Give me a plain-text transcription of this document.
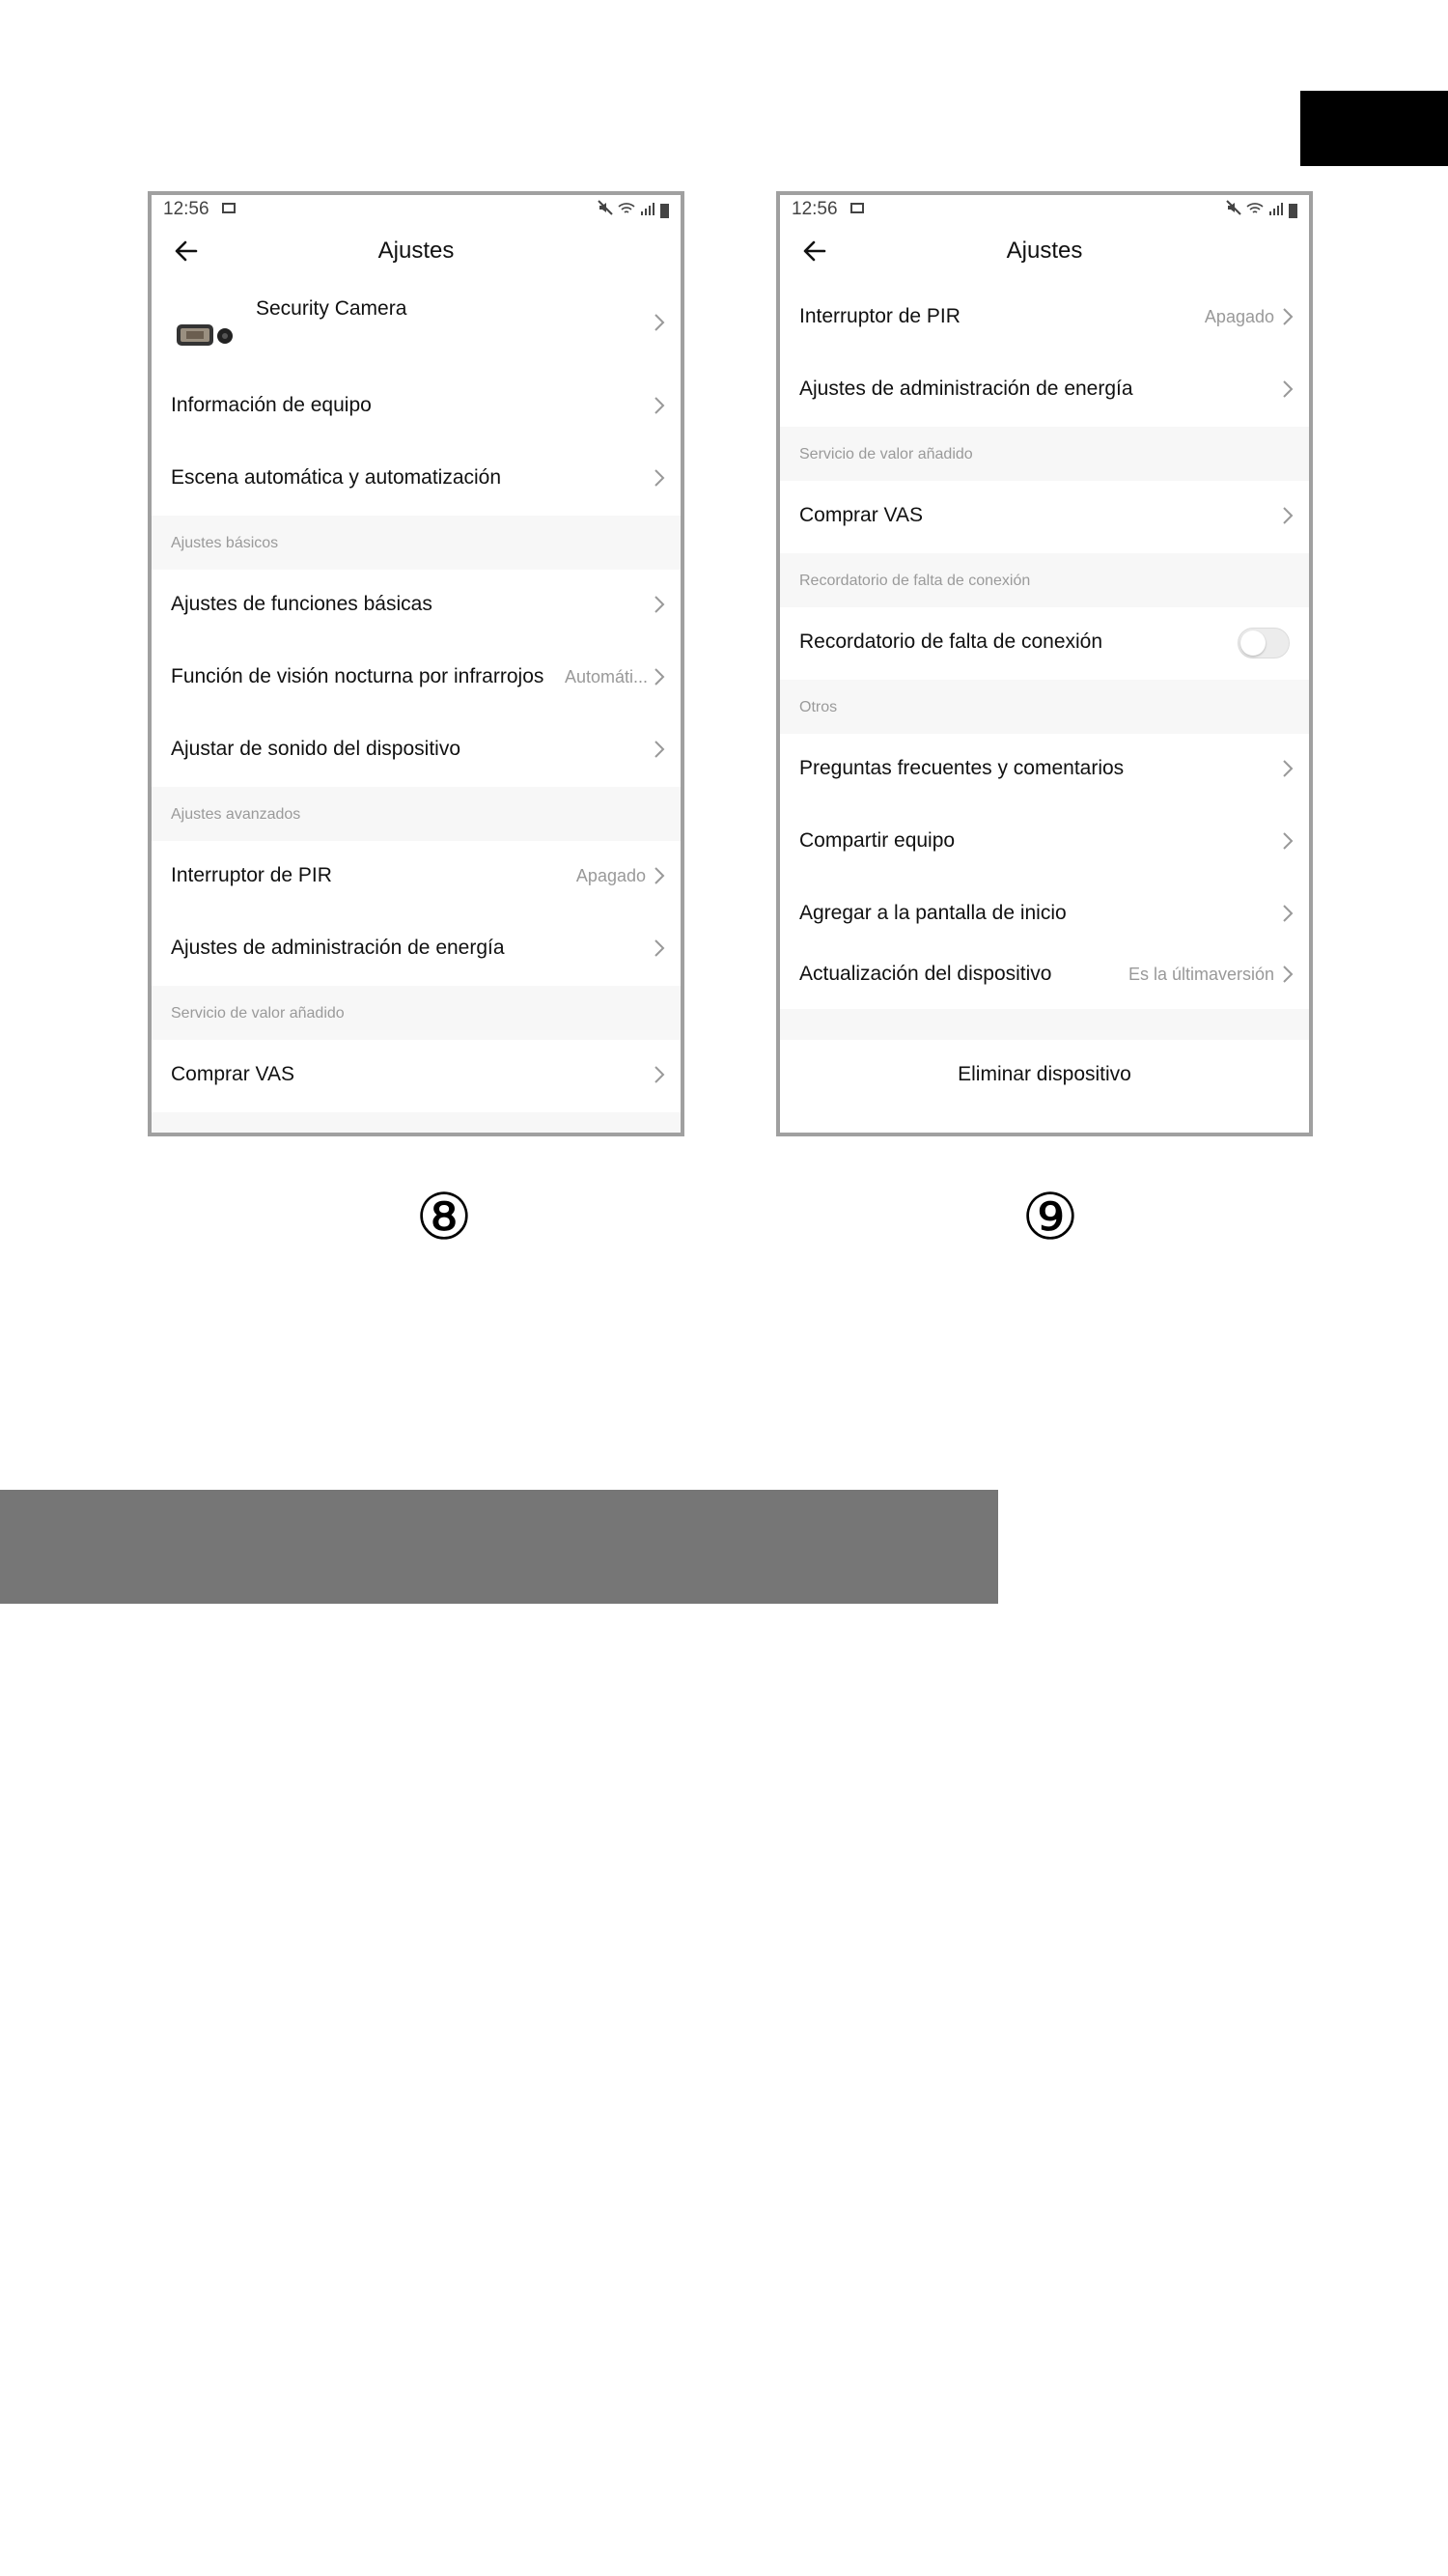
12:56
Ajustes
Security Camera
Información de equipo
Escena automática y automatización
Ajustes básicos
Ajustes de funciones básicas
Función de visión nocturna por infrarrojos Automáti...
Ajustar de sonido del dispositivo
Ajustes avanzados
Interruptor de PIR	Apagado
Ajustes de administración de energía
Servicio de valor añadido
Comprar VAS
12:56
Ajustes
Interruptor de PIR	Apagado
Ajustes de administración de energía
Servicio de valor añadido
Comprar VAS
Recordatorio de falta de conexión
Recordatorio de falta de conexión
Otros
Preguntas frecuentes y comentarios
Compartir equipo
Agregar a la pantalla de inicio
Actualización del dispositivo	Es la últimaversión
Eliminar dispositivo
⑧	⑨
